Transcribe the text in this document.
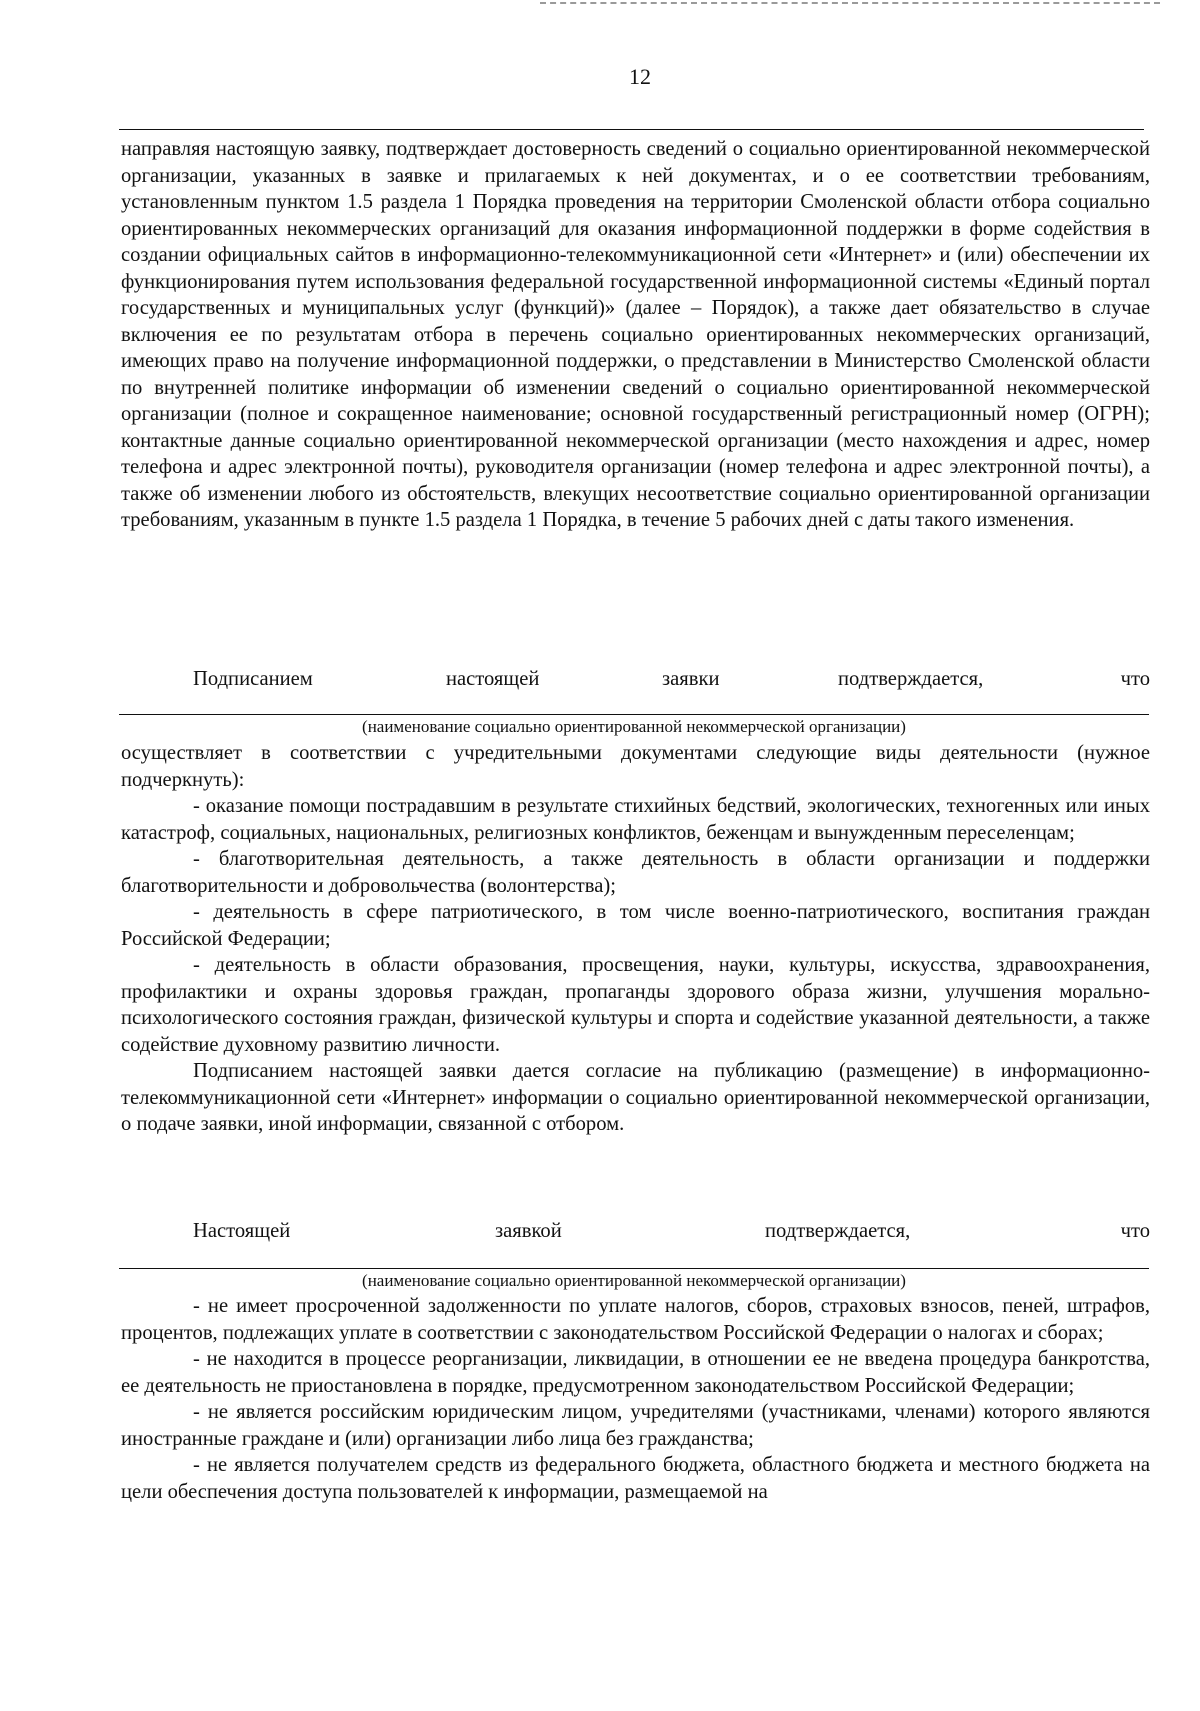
12

направляя настоящую заявку, подтверждает достоверность сведений о социально ориентированной некоммерческой организации, указанных в заявке и прилагаемых к ней документах, и о ее соответствии требованиям, установленным пунктом 1.5 раздела 1 Порядка проведения на территории Смоленской области отбора социально ориентированных некоммерческих организаций для оказания информационной поддержки в форме содействия в создании официальных сайтов в информационно-телекоммуникационной сети «Интернет» и (или) обеспечении их функционирования путем использования федеральной государственной информационной системы «Единый портал государственных и муниципальных услуг (функций)» (далее – Порядок), а также дает обязательство в случае включения ее по результатам отбора в перечень социально ориентированных некоммерческих организаций, имеющих право на получение информационной поддержки, о представлении в Министерство Смоленской области по внутренней политике информации об изменении сведений о социально ориентированной некоммерческой организации (полное и сокращенное наименование; основной государственный регистрационный номер (ОГРН); контактные данные социально ориентированной некоммерческой организации (место нахождения и адрес, номер телефона и адрес электронной почты), руководителя организации (номер телефона и адрес электронной почты), а также об изменении любого из обстоятельств, влекущих несоответствие социально ориентированной организации требованиям, указанным в пункте 1.5 раздела 1 Порядка, в течение 5 рабочих дней с даты такого изменения.

Подписанием	настоящей	заявки	подтверждается,	что
(наименование социально ориентированной некоммерческой организации)
осуществляет в соответствии с учредительными документами следующие виды деятельности (нужное подчеркнуть):
- оказание помощи пострадавшим в результате стихийных бедствий, экологических, техногенных или иных катастроф, социальных, национальных, религиозных конфликтов, беженцам и вынужденным переселенцам;
- благотворительная деятельность, а также деятельность в области организации и поддержки благотворительности и добровольчества (волонтерства);
- деятельность в сфере патриотического, в том числе военно-патриотического, воспитания граждан Российской Федерации;
- деятельность в области образования, просвещения, науки, культуры, искусства, здравоохранения, профилактики и охраны здоровья граждан, пропаганды здорового образа жизни, улучшения морально-психологического состояния граждан, физической культуры и спорта и содействие указанной деятельности, а также содействие духовному развитию личности.
Подписанием настоящей заявки дается согласие на публикацию (размещение) в информационно-телекоммуникационной сети «Интернет» информации о социально ориентированной некоммерческой организации, о подаче заявки, иной информации, связанной с отбором.
Настоящей	заявкой	подтверждается,	что
(наименование социально ориентированной некоммерческой организации)
- не имеет просроченной задолженности по уплате налогов, сборов, страховых взносов, пеней, штрафов, процентов, подлежащих уплате в соответствии с законодательством Российской Федерации о налогах и сборах;
- не находится в процессе реорганизации, ликвидации, в отношении ее не введена процедура банкротства, ее деятельность не приостановлена в порядке, предусмотренном законодательством Российской Федерации;
- не является российским юридическим лицом, учредителями (участниками, членами) которого являются иностранные граждане и (или) организации либо лица без гражданства;
- не является получателем средств из федерального бюджета, областного бюджета и местного бюджета на цели обеспечения доступа пользователей к информации, размещаемой на
